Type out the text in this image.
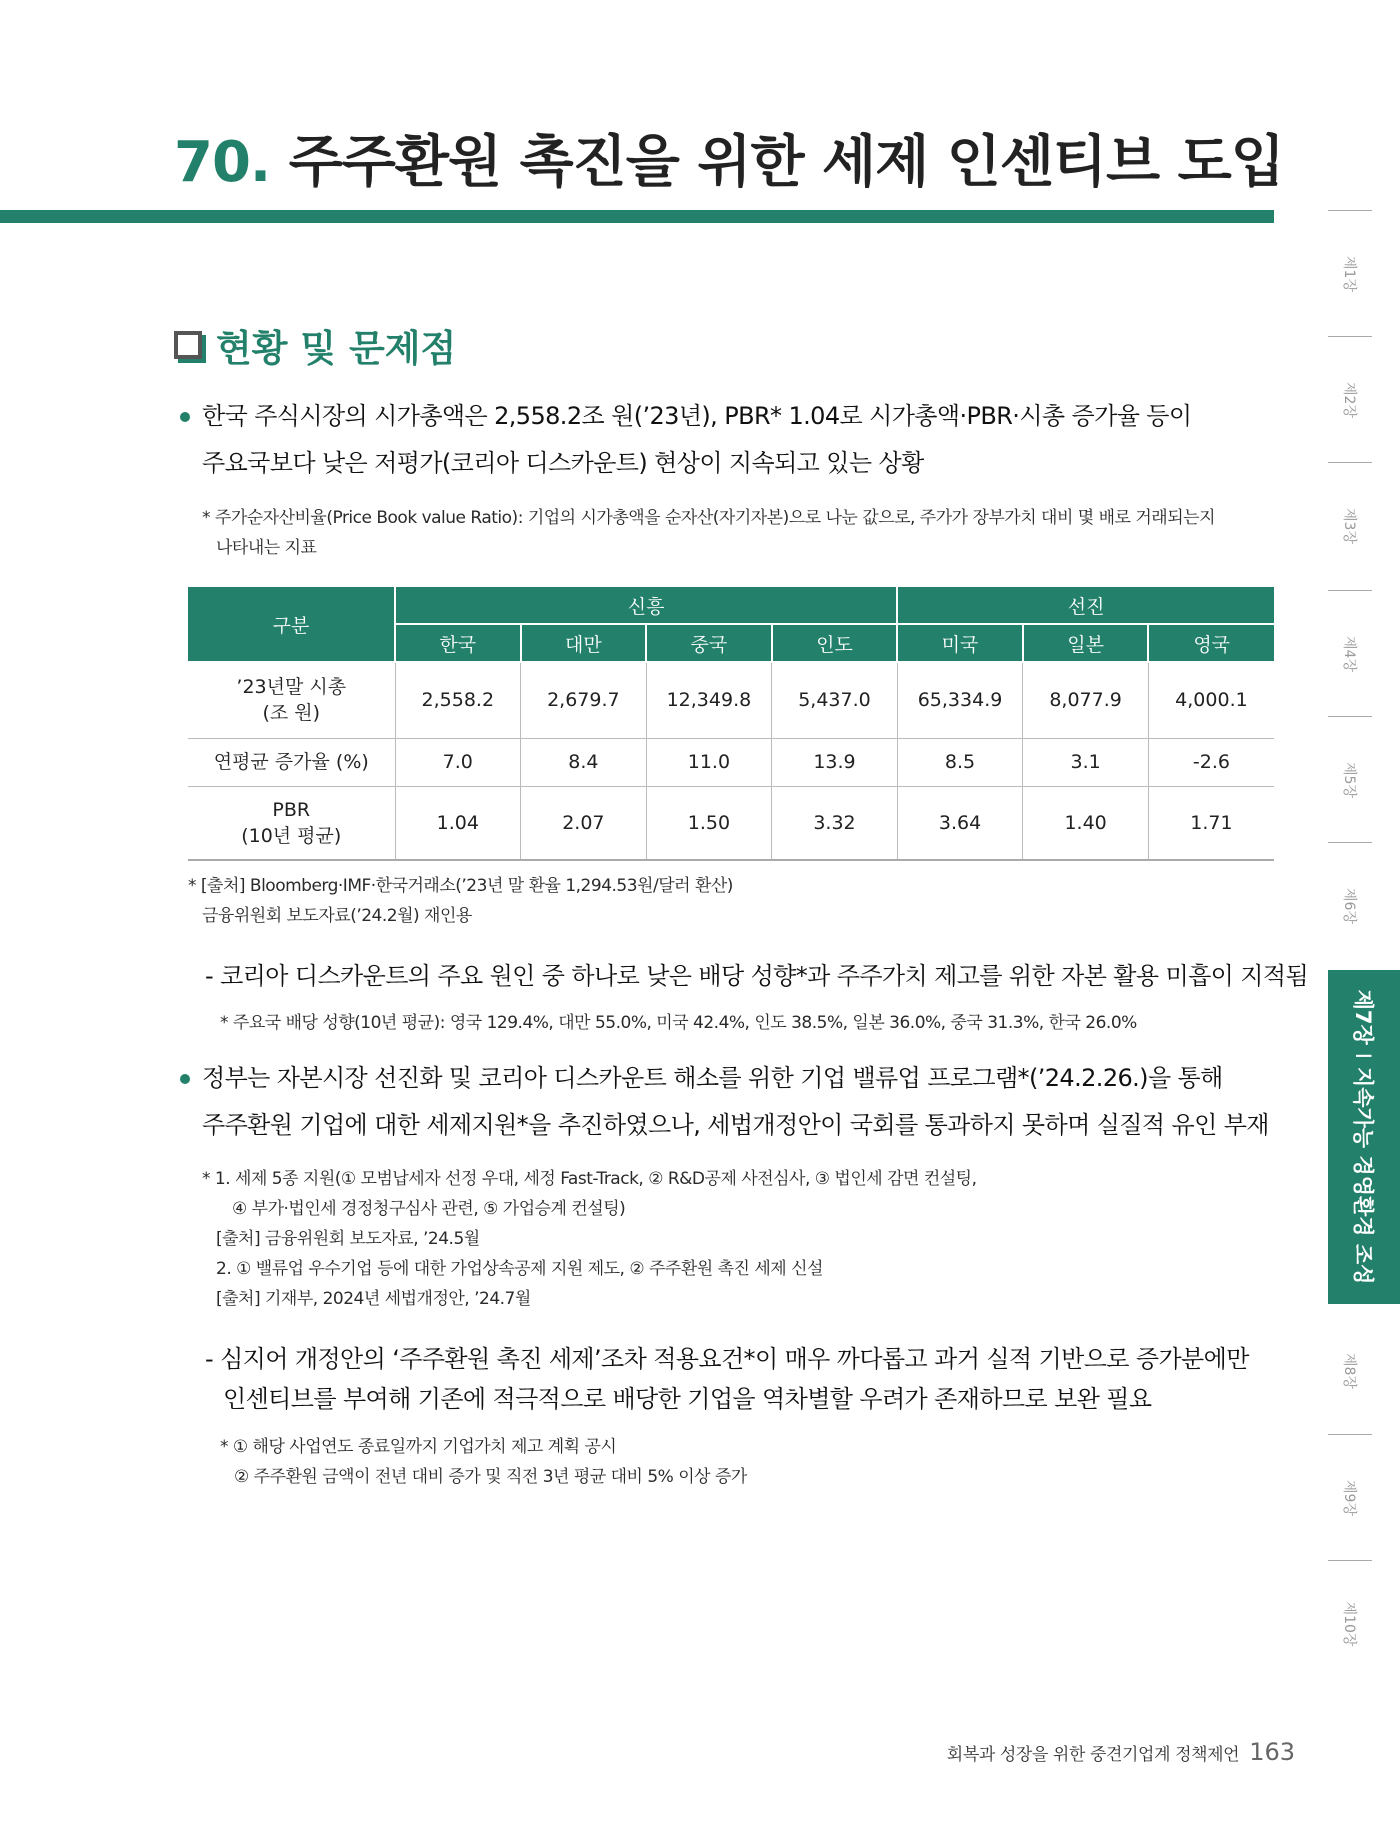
70. 주주환원 촉진을 위한 세제 인센티브 도입
현황 및 문제점
한국 주식시장의 시가총액은 2,558.2조 원(’23년), PBR* 1.04로 시가총액·PBR·시총 증가율 등이
주요국보다 낮은 저평가(코리아 디스카운트) 현상이 지속되고 있는 상황
* 주가순자산비율(Price Book value Ratio): 기업의 시가총액을 순자산(자기자본)으로 나눈 값으로, 주가가 장부가치 대비 몇 배로 거래되는지
나타내는 지표
구분	신흥				선진		
	한국	대만	중국	인도	미국	일본	영국

’23년말 시총
(조 원)	2,558.2	2,679.7	12,349.8	5,437.0	65,334.9	8,077.9	4,000.1

연평균 증가율 (%)	7.0	8.4	11.0	13.9	8.5	3.1	-2.6

PBR
(10년 평균)	1.04	2.07	1.50	3.32	3.64	1.40	1.71
* [출처] Bloomberg·IMF·한국거래소(’23년 말 환율 1,294.53원/달러 환산)
금융위원회 보도자료(’24.2월) 재인용
- 코리아 디스카운트의 주요 원인 중 하나로 낮은 배당 성향*과 주주가치 제고를 위한 자본 활용 미흡이 지적됨
* 주요국 배당 성향(10년 평균): 영국 129.4%, 대만 55.0%, 미국 42.4%, 인도 38.5%, 일본 36.0%, 중국 31.3%, 한국 26.0%
정부는 자본시장 선진화 및 코리아 디스카운트 해소를 위한 기업 밸류업 프로그램*(’24.2.26.)을 통해
주주환원 기업에 대한 세제지원*을 추진하였으나, 세법개정안이 국회를 통과하지 못하며 실질적 유인 부재
* 1. 세제 5종 지원(① 모범납세자 선정 우대, 세정 Fast-Track, ② R&D공제 사전심사, ③ 법인세 감면 컨설팅,
④ 부가·법인세 경정청구심사 관련, ⑤ 가업승계 컨설팅)
[출처] 금융위원회 보도자료, ’24.5월
2. ① 밸류업 우수기업 등에 대한 가업상속공제 지원 제도, ② 주주환원 촉진 세제 신설
[출처] 기재부, 2024년 세법개정안, ’24.7월
- 심지어 개정안의 ‘주주환원 촉진 세제’조차 적용요건*이 매우 까다롭고 과거 실적 기반으로 증가분에만
인센티브를 부여해 기존에 적극적으로 배당한 기업을 역차별할 우려가 존재하므로 보완 필요
* ① 해당 사업연도 종료일까지 기업가치 제고 계획 공시
② 주주환원 금액이 전년 대비 증가 및 직전 3년 평균 대비 5% 이상 증가
제1장
제2장
제3장
제4장
제5장
제6장
제7장I지속가능 경영환경 조성
제8장
제9장
제10장
회복과 성장을 위한 중견기업계 정책제언 163
